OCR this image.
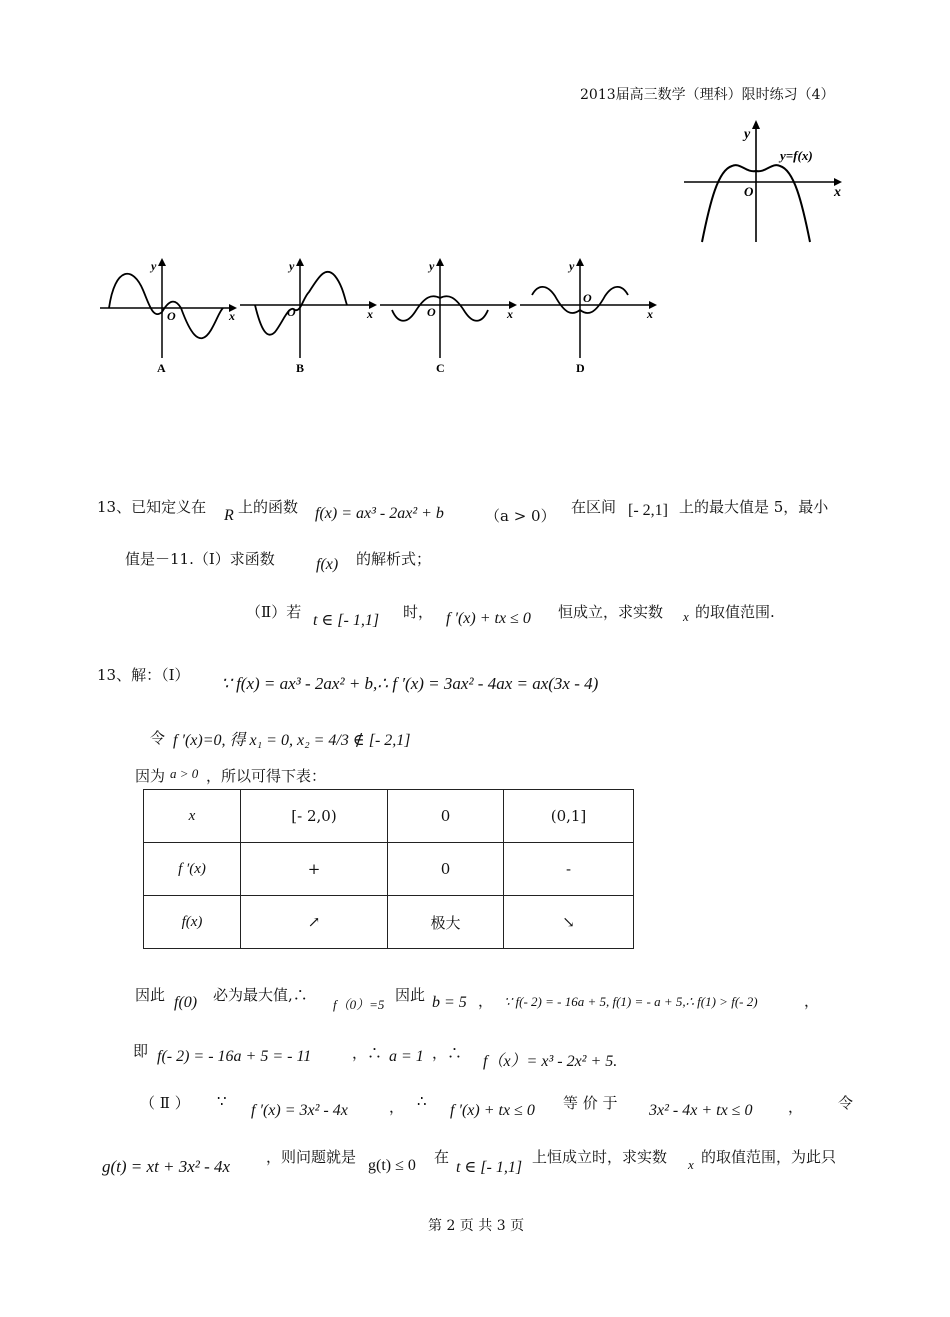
2013届高三数学（理科）限时练习（4）
y
x
O
y=f(x)
y
x
O
A
y
x
O
B
y
x
O
C
y
x
O
D
13、已知定义在 R 上的函数 f(x) = ax³ - 2ax² + b	（a > 0） 在区间 [- 2,1] 上的最大值是 5，最小
值是－11.（Ⅰ）求函数	f(x) 的解析式；
（Ⅱ）若 t ∈ [- 1,1] 时， f ′(x) + tx ≤ 0 恒成立，求实数 x 的取值范围.
13、解：（Ⅰ） ∵ f(x) = ax³ - 2ax² + b,∴ f ′(x) = 3ax² - 4ax = ax(3x - 4)
令 f ′(x)=0, 得 x₁ = 0, x₂ = 4/3 ∉ [- 2,1]
因为 a > 0 ，所以可得下表：
x	[- 2,0)	0	(0,1]
f ′(x)	+	0	-
f(x)	↗	极大	↘
因此 f(0) 必为最大值,∴
f（0）=5
因此 b = 5 ， ∵ f(- 2) = - 16a + 5, f(1) = - a + 5,∴ f(1) > f(- 2)	，
即 f(- 2) = - 16a + 5 = - 11	，∴ a = 1 ，∴ f（x）= x³ - 2x² + 5.
（ Ⅱ ） ∵
f ′(x) = 3x² - 4x	， ∴
f ′(x) + tx ≤ 0 等 价 于 3x² - 4x + tx ≤ 0 ， 令
g(t) = xt + 3x² - 4x ，则问题就是 g(t) ≤ 0 在
t ∈ [- 1,1]
上恒成立时，求实数 x 的取值范围，为此只
第 2 页 共 3 页
